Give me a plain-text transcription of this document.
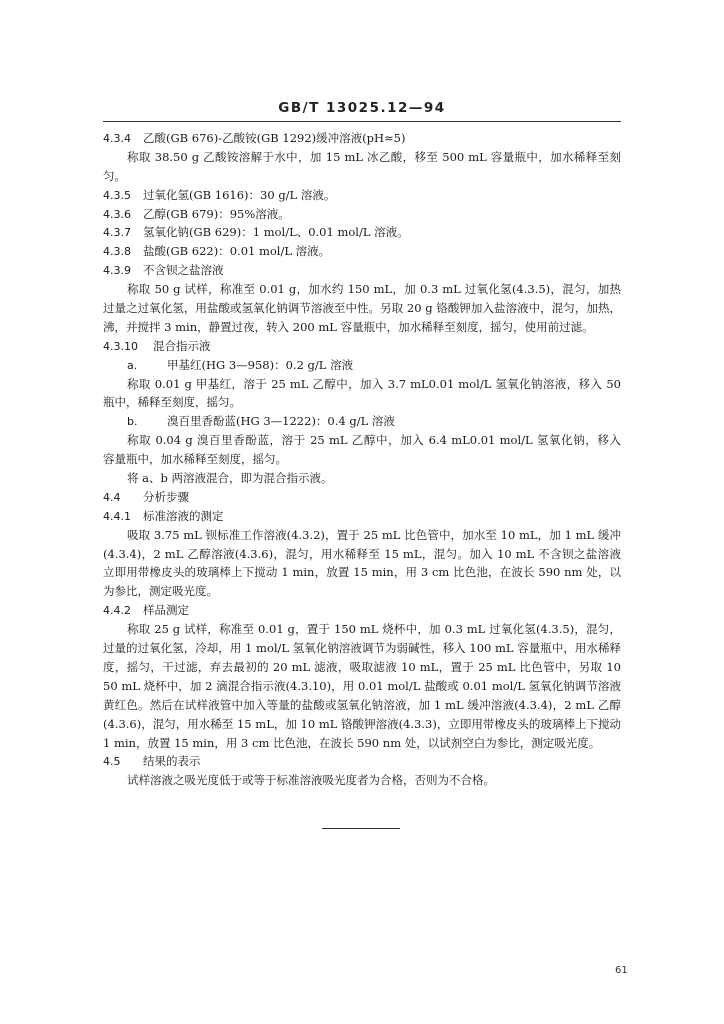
GB/T 13025.12—94
4.3.4 乙酸(GB 676)-乙酸铵(GB 1292)缓冲溶液(pH≈5)
称取 38.50 g 乙酸铵溶解于水中，加 15 mL 冰乙酸，移至 500 mL 容量瓶中，加水稀释至刻
匀。
4.3.5 过氧化氢(GB 1616)：30 g/L 溶液。
4.3.6 乙醇(GB 679)：95%溶液。
4.3.7 氢氧化钠(GB 629)：1 mol/L、0.01 mol/L 溶液。
4.3.8 盐酸(GB 622)：0.01 mol/L 溶液。
4.3.9 不含钡之盐溶液
称取 50 g 试样，称准至 0.01 g，加水约 150 mL，加 0.3 mL 过氧化氢(4.3.5)，混匀，加热
过量之过氧化氢，用盐酸或氢氧化钠调节溶液至中性。另取 20 g 铬酸钾加入盐溶液中，混匀，加热，
沸，并搅拌 3 min，静置过夜，转入 200 mL 容量瓶中，加水稀释至刻度，摇匀，使用前过滤。
4.3.10 混合指示液
a.	甲基红(HG 3—958)：0.2 g/L 溶液
称取 0.01 g 甲基红，溶于 25 mL 乙醇中，加入 3.7 mL0.01 mol/L 氢氧化钠溶液，移入 50
瓶中，稀释至刻度，摇匀。
b.	溴百里香酚蓝(HG 3—1222)：0.4 g/L 溶液
称取 0.04 g 溴百里香酚蓝，溶于 25 mL 乙醇中，加入 6.4 mL0.01 mol/L 氢氧化钠，移入
容量瓶中，加水稀释至刻度，摇匀。
将 a、b 两溶液混合，即为混合指示液。
4.4 分析步骤
4.4.1 标准溶液的测定
吸取 3.75 mL 钡标准工作溶液(4.3.2)，置于 25 mL 比色管中，加水至 10 mL，加 1 mL 缓冲
(4.3.4)，2 mL 乙醇溶液(4.3.6)，混匀，用水稀释至 15 mL，混匀。加入 10 mL 不含钡之盐溶液
立即用带橡皮头的玻璃棒上下搅动 1 min，放置 15 min，用 3 cm 比色池，在波长 590 nm 处，以
为参比，测定吸光度。
4.4.2 样品测定
称取 25 g 试样，称准至 0.01 g，置于 150 mL 烧杯中，加 0.3 mL 过氧化氢(4.3.5)，混匀，
过量的过氧化氢，冷却，用 1 mol/L 氢氧化钠溶液调节为弱碱性，移入 100 mL 容量瓶中，用水稀释
度，摇匀，干过滤，弃去最初的 20 mL 滤液，吸取滤液 10 mL，置于 25 mL 比色管中，另取 10
50 mL 烧杯中，加 2 滴混合指示液(4.3.10)，用 0.01 mol/L 盐酸或 0.01 mol/L 氢氧化钠调节溶液
黄红色。然后在试样液管中加入等量的盐酸或氢氧化钠溶液，加 1 mL 缓冲溶液(4.3.4)，2 mL 乙醇
(4.3.6)，混匀，用水稀至 15 mL，加 10 mL 铬酸钾溶液(4.3.3)，立即用带橡皮头的玻璃棒上下搅动
1 min，放置 15 min，用 3 cm 比色池，在波长 590 nm 处，以试剂空白为参比，测定吸光度。
4.5 结果的表示
试样溶液之吸光度低于或等于标准溶液吸光度者为合格，否则为不合格。
61
